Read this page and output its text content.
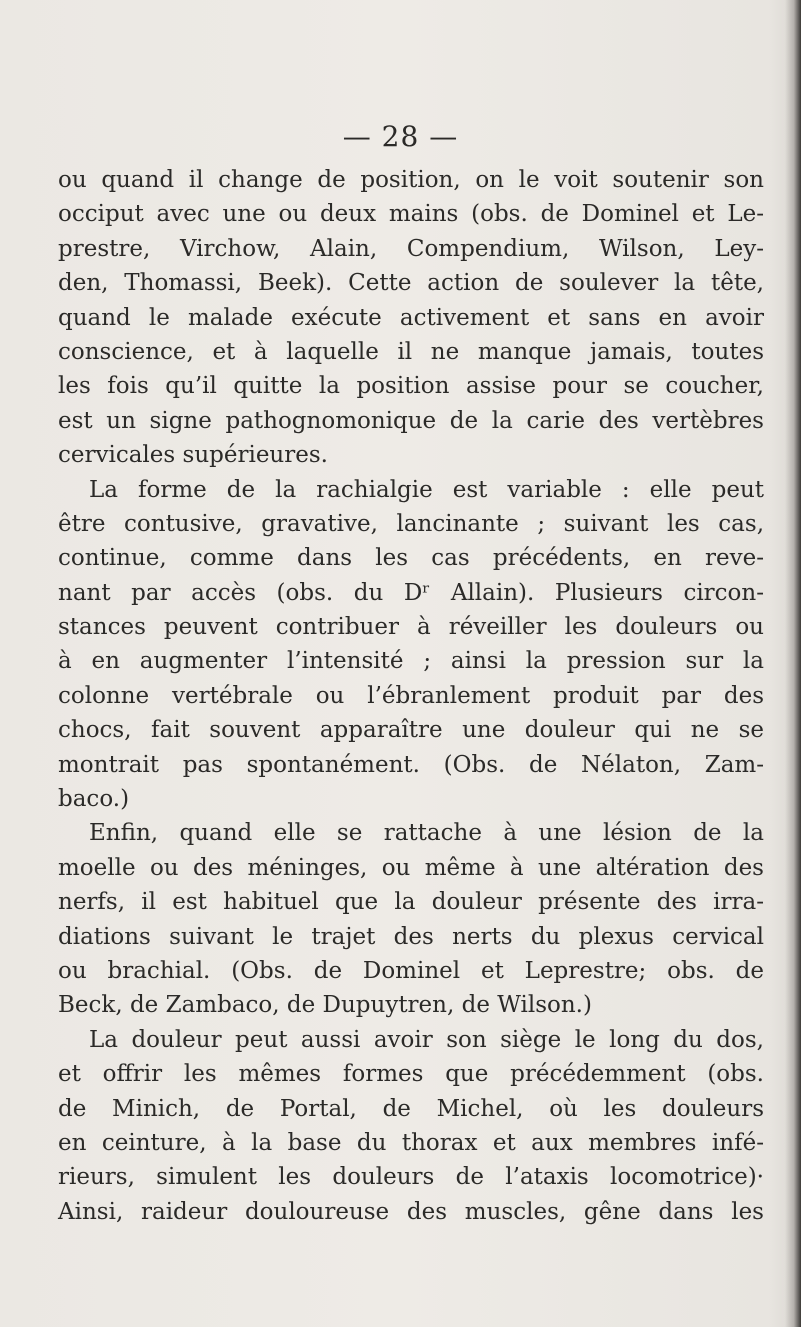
— 28 —
ou quand il change de position, on le voit soutenir son
occiput avec une ou deux mains (obs. de Dominel et Le-
prestre, Virchow, Alain, Compendium, Wilson, Ley-
den, Thomassi, Beek). Cette action de soulever la tête,
quand le malade exécute activement et sans en avoir
conscience, et à laquelle il ne manque jamais, toutes
les fois qu’il quitte la position assise pour se coucher,
est un signe pathognomonique de la carie des vertèbres
cervicales supérieures.
La forme de la rachialgie est variable : elle peut
être contusive, gravative, lancinante ; suivant les cas,
continue, comme dans les cas précédents, en reve-
nant par accès (obs. du Dʳ Allain). Plusieurs circon-
stances peuvent contribuer à réveiller les douleurs ou
à en augmenter l’intensité ; ainsi la pression sur la
colonne vertébrale ou l’ébranlement produit par des
chocs, fait souvent apparaître une douleur qui ne se
montrait pas spontanément. (Obs. de Nélaton, Zam-
baco.)
Enfin, quand elle se rattache à une lésion de la
moelle ou des méninges, ou même à une altération des
nerfs, il est habituel que la douleur présente des irra-
diations suivant le trajet des nerts du plexus cervical
ou brachial. (Obs. de Dominel et Leprestre; obs. de
Beck, de Zambaco, de Dupuytren, de Wilson.)
La douleur peut aussi avoir son siège le long du dos,
et offrir les mêmes formes que précédemment (obs.
de Minich, de Portal, de Michel, où les douleurs
en ceinture, à la base du thorax et aux membres infé-
rieurs, simulent les douleurs de l’ataxis locomotrice)·
Ainsi, raideur douloureuse des muscles, gêne dans les
